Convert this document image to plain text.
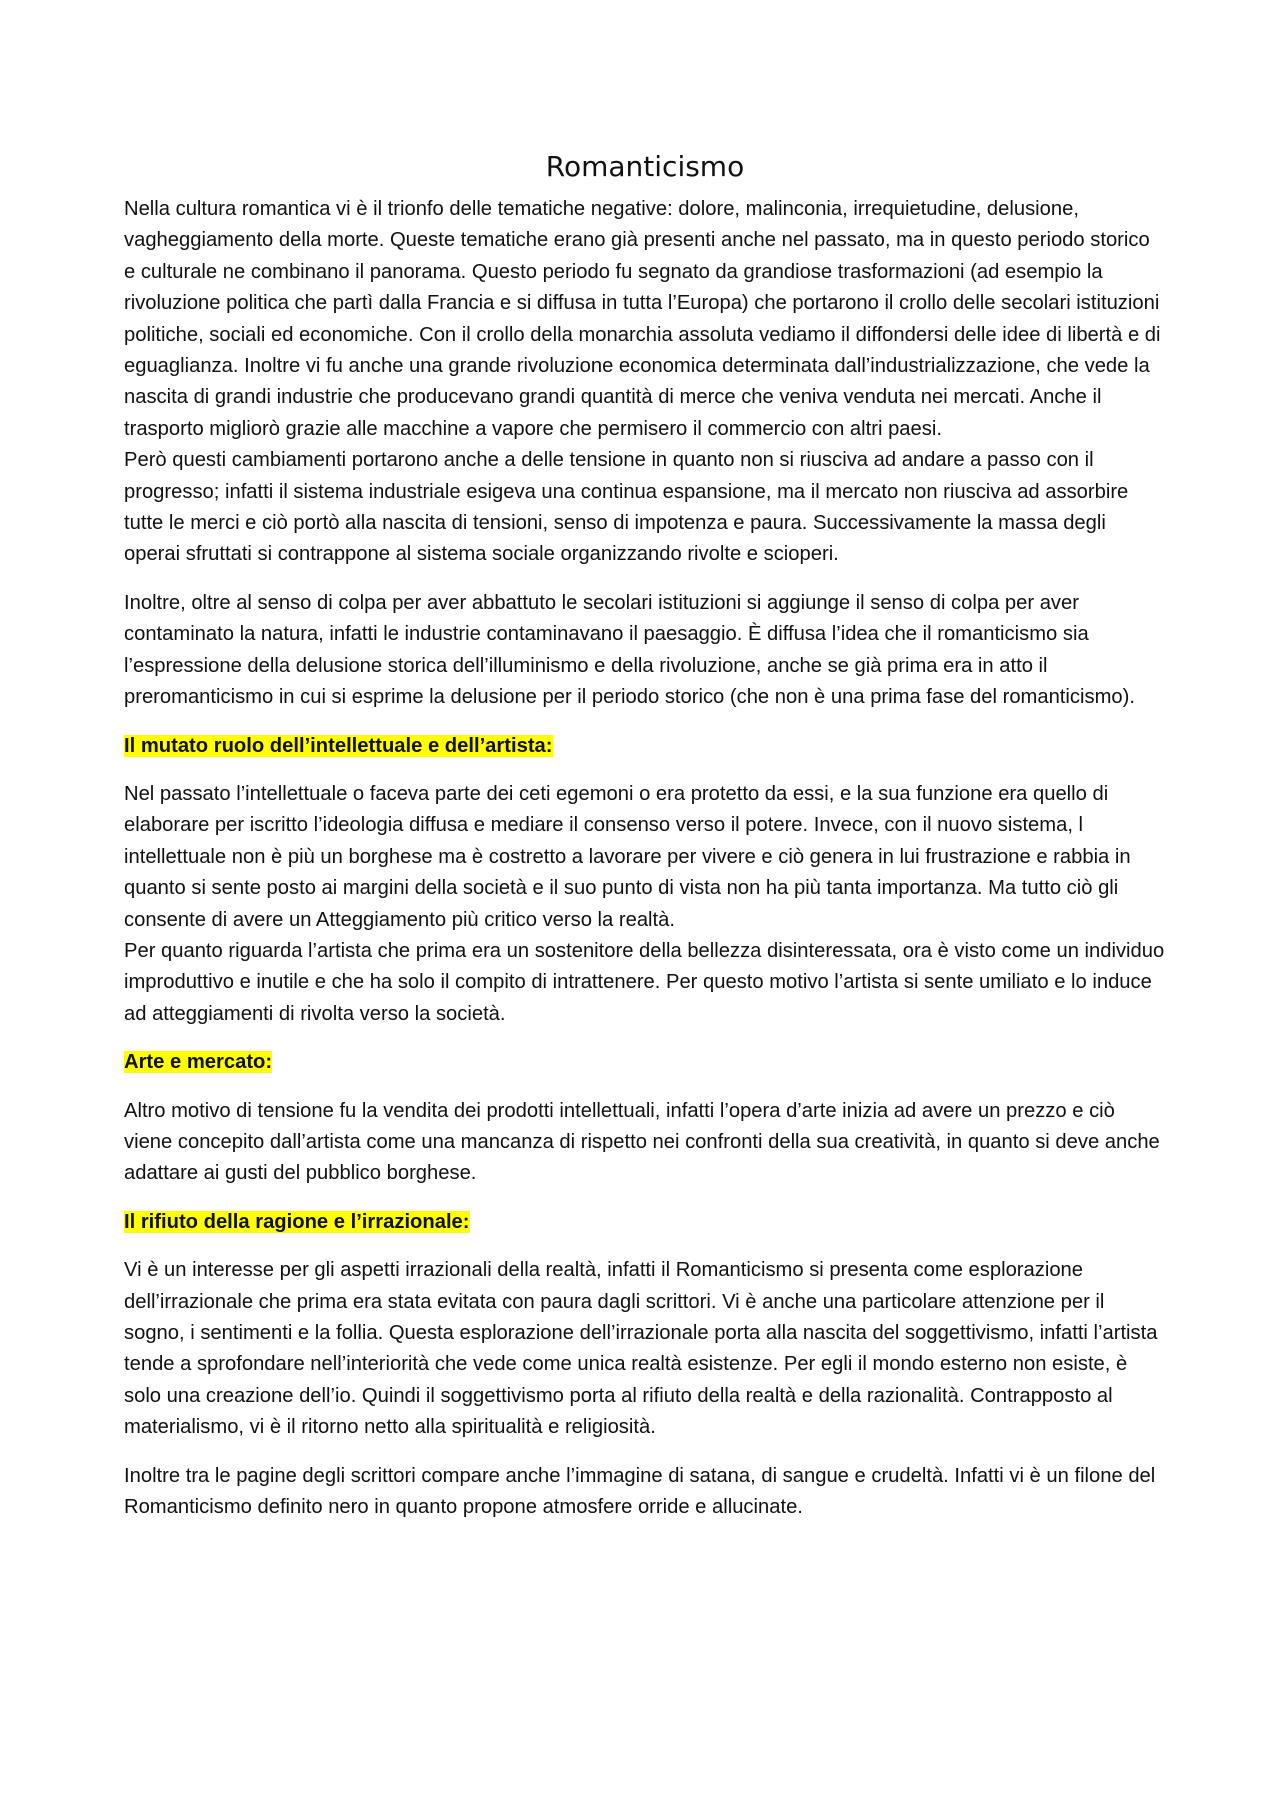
Romanticismo

Nella cultura romantica vi è il trionfo delle tematiche negative: dolore, malinconia, irrequietudine, delusione, vagheggiamento della morte. Queste tematiche erano già presenti anche nel passato, ma in questo periodo storico e culturale ne combinano il panorama. Questo periodo fu segnato da grandiose trasformazioni (ad esempio la rivoluzione politica che partì dalla Francia e si diffusa in tutta l’Europa) che portarono il crollo delle secolari istituzioni politiche, sociali ed economiche. Con il crollo della monarchia assoluta vediamo il diffondersi delle idee di libertà e di eguaglianza. Inoltre vi fu anche una grande rivoluzione economica determinata dall’industrializzazione, che vede la nascita di grandi industrie che producevano grandi quantità di merce che veniva venduta nei mercati. Anche il trasporto migliorò grazie alle macchine a vapore che permisero il commercio con altri paesi.

Però questi cambiamenti portarono anche a delle tensione in quanto non si riusciva ad andare a passo con il progresso; infatti il sistema industriale esigeva una continua espansione, ma il mercato non riusciva ad assorbire tutte le merci e ciò portò alla nascita di tensioni, senso di impotenza e paura. Successivamente la massa degli operai sfruttati si contrappone al sistema sociale organizzando rivolte e scioperi.

Inoltre, oltre al senso di colpa per aver abbattuto le secolari istituzioni si aggiunge il senso di colpa per aver contaminato la natura, infatti le industrie contaminavano il paesaggio. È diffusa l’idea che il romanticismo sia l’espressione della delusione storica dell’illuminismo e della rivoluzione, anche se già prima era in atto il preromanticismo in cui si esprime la delusione per il periodo storico (che non è una prima fase del romanticismo).

Il mutato ruolo dell’intellettuale e dell’artista:

Nel passato l’intellettuale o faceva parte dei ceti egemoni o era protetto da essi, e la sua funzione era quello di elaborare per iscritto l’ideologia diffusa e mediare il consenso verso il potere. Invece, con il nuovo sistema, l intellettuale non è più un borghese ma è costretto a lavorare per vivere e ciò genera in lui frustrazione e rabbia in quanto si sente posto ai margini della società e il suo punto di vista non ha più tanta importanza. Ma tutto ciò gli consente di avere un Atteggiamento più critico verso la realtà.

Per quanto riguarda l’artista che prima era un sostenitore della bellezza disinteressata, ora è visto come un individuo improduttivo e inutile e che ha solo il compito di intrattenere. Per questo motivo l’artista si sente umiliato e lo induce ad atteggiamenti di rivolta verso la società.

Arte e mercato:

Altro motivo di tensione fu la vendita dei prodotti intellettuali, infatti l’opera d’arte inizia ad avere un prezzo e ciò viene concepito dall’artista come una mancanza di rispetto nei confronti della sua creatività, in quanto si deve anche adattare ai gusti del pubblico borghese.

Il rifiuto della ragione e l’irrazionale:

Vi è un interesse per gli aspetti irrazionali della realtà, infatti il Romanticismo si presenta come esplorazione dell’irrazionale che prima era stata evitata con paura dagli scrittori. Vi è anche una particolare attenzione per il sogno, i sentimenti e la follia. Questa esplorazione dell’irrazionale porta alla nascita del soggettivismo, infatti l’artista tende a sprofondare nell’interiorità che vede come unica realtà esistenze. Per egli il mondo esterno non esiste, è solo una creazione dell’io. Quindi il soggettivismo porta al rifiuto della realtà e della razionalità. Contrapposto al materialismo, vi è il ritorno netto alla spiritualità e religiosità.

Inoltre tra le pagine degli scrittori compare anche l’immagine di satana, di sangue e crudeltà. Infatti vi è un filone del Romanticismo definito nero in quanto propone atmosfere orride e allucinate.
